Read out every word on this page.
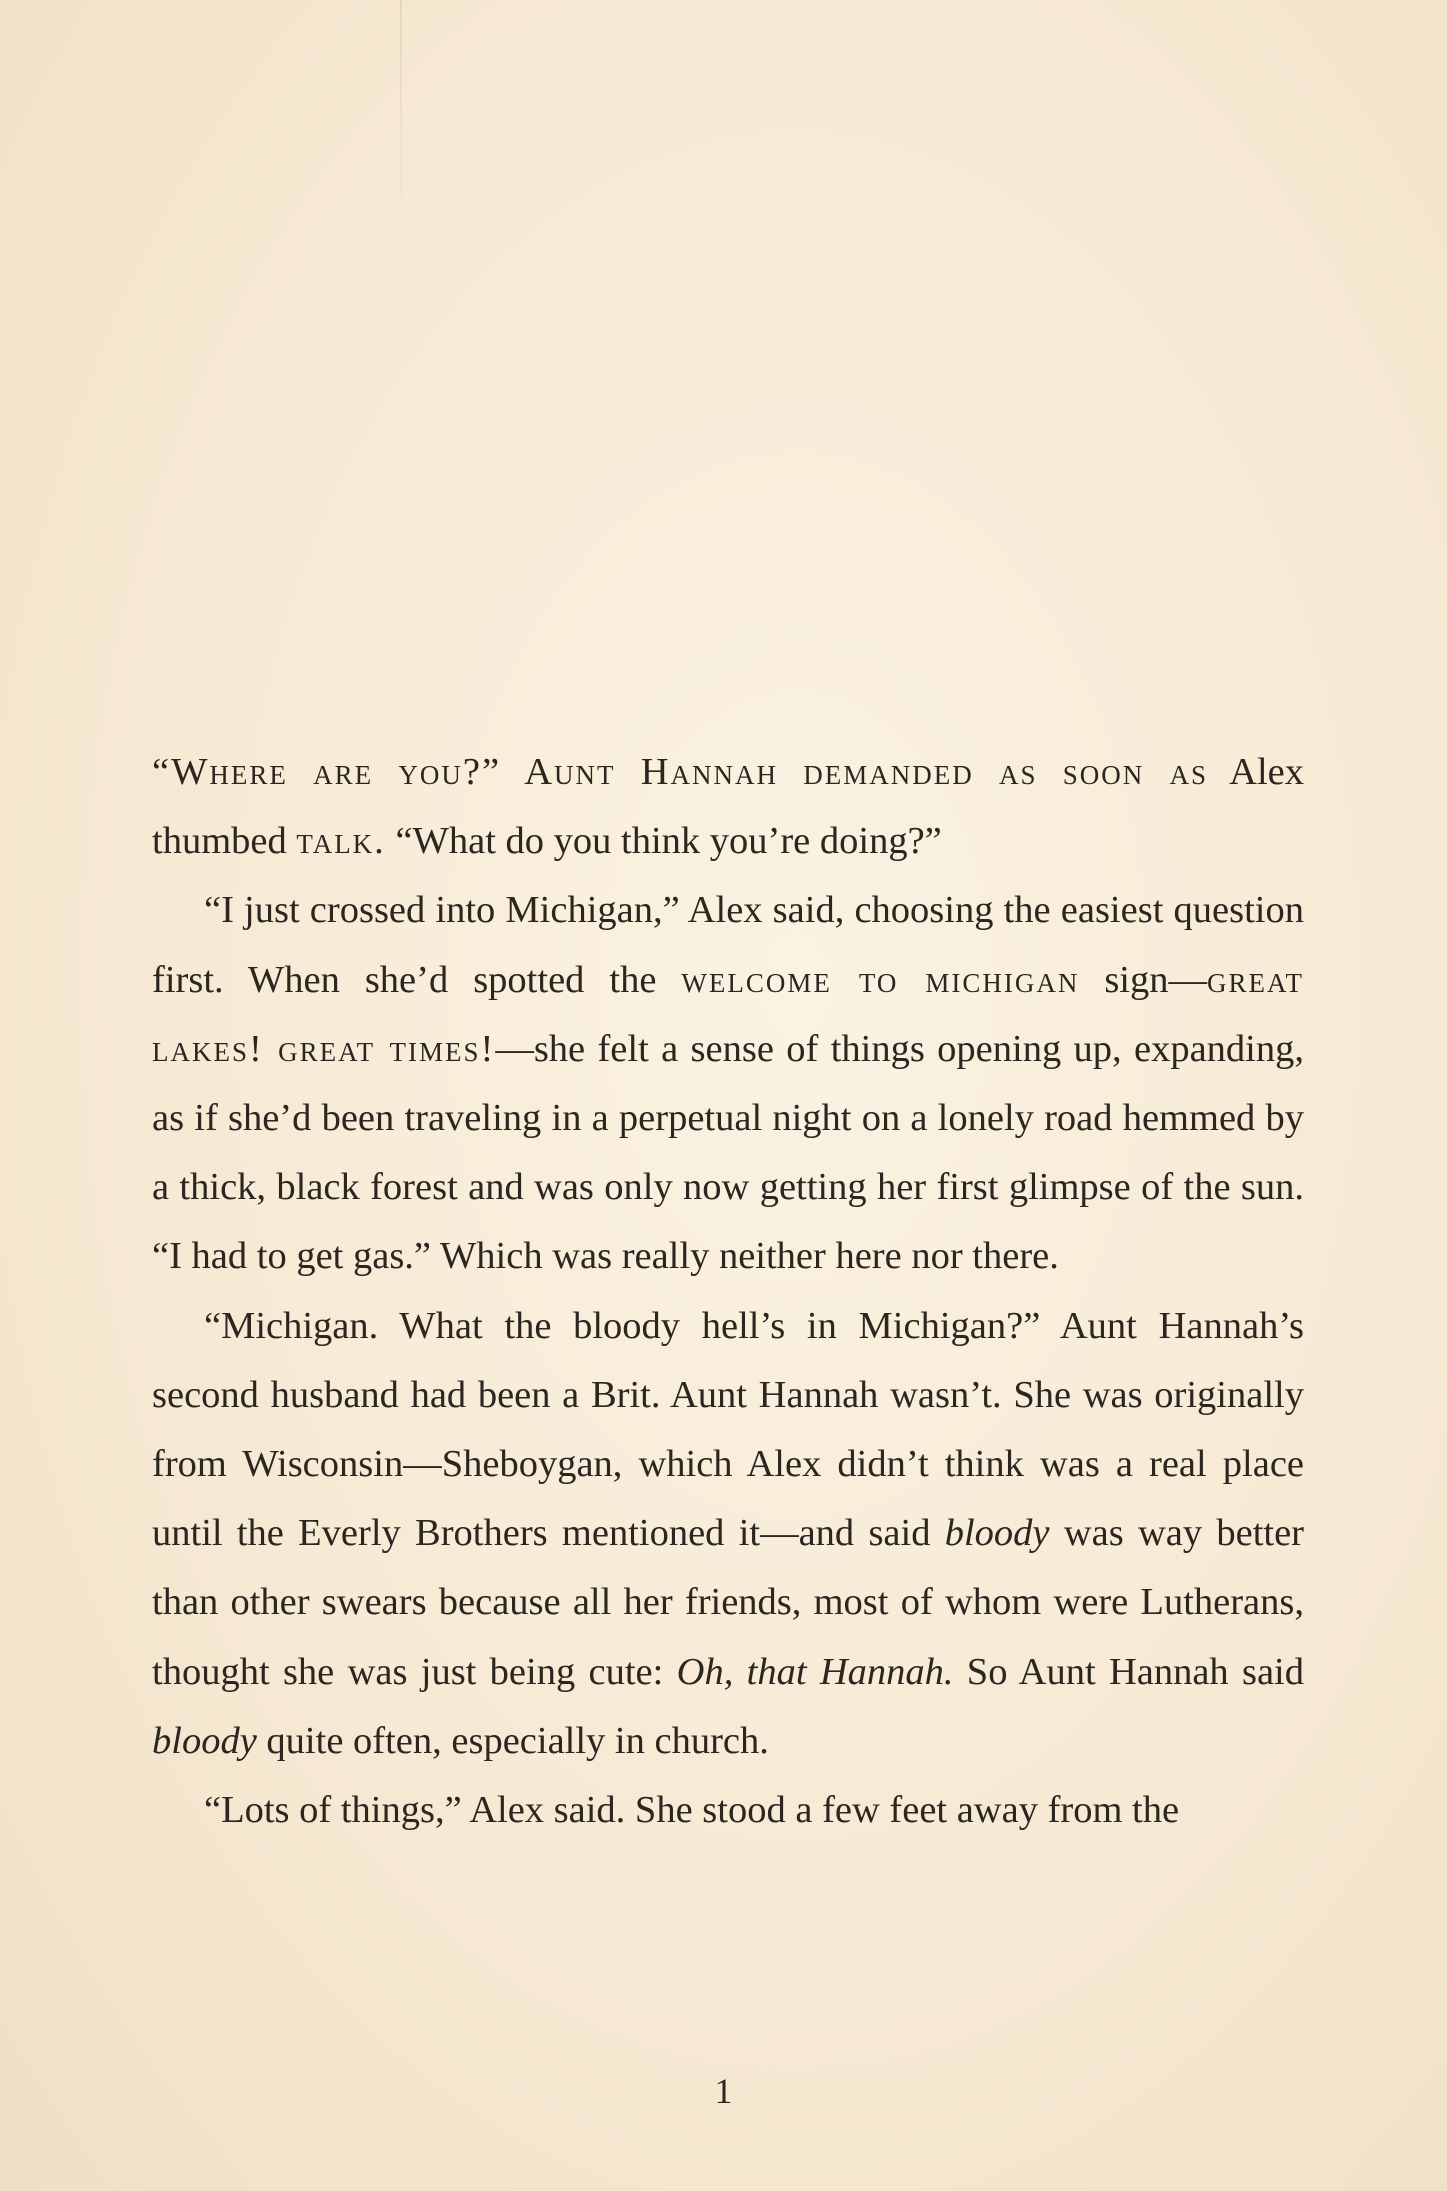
“Where are you?” Aunt Hannah demanded as soon as Alex thumbed talk. “What do you think you’re doing?”

“I just crossed into Michigan,” Alex said, choosing the easiest question first. When she’d spotted the welcome to michigan sign—great lakes! great times!—she felt a sense of things opening up, expanding, as if she’d been traveling in a perpetual night on a lonely road hemmed by a thick, black forest and was only now getting her first glimpse of the sun. “I had to get gas.” Which was really neither here nor there.

“Michigan. What the bloody hell’s in Michigan?” Aunt Hannah’s second husband had been a Brit. Aunt Hannah wasn’t. She was originally from Wisconsin—Sheboygan, which Alex didn’t think was a real place until the Everly Brothers mentioned it—and said bloody was way better than other swears because all her friends, most of whom were Lutherans, thought she was just being cute: Oh, that Hannah. So Aunt Hannah said bloody quite often, especially in church.

“Lots of things,” Alex said. She stood a few feet away from the

1
